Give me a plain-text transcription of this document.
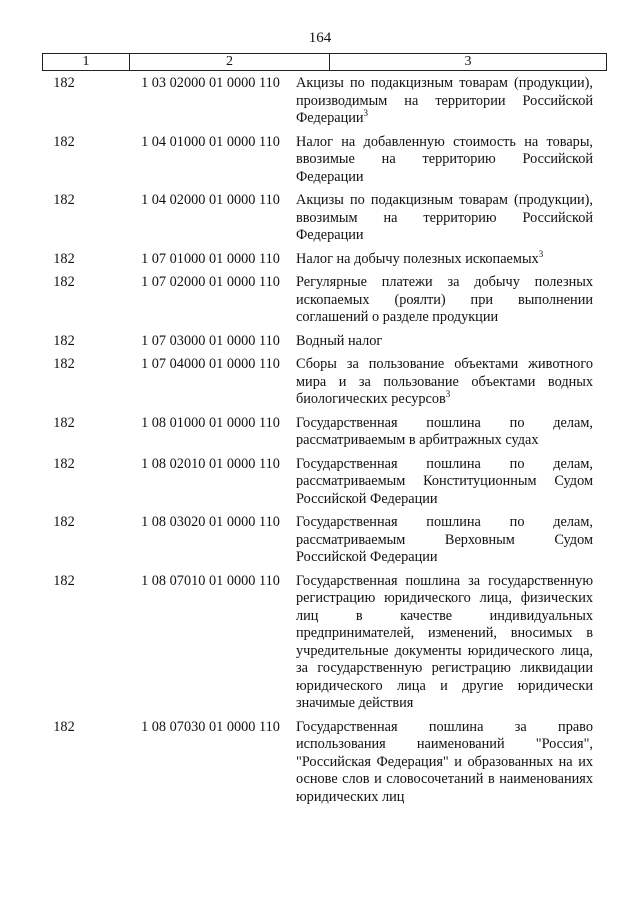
164
1	2	3
182	1 03 02000 01 0000 110	Акцизы по подакцизным товарам (продукции), производимым на территории Российской Федерации$^3$
182	1 04 01000 01 0000 110	Налог на добавленную стоимость на товары, ввозимые на территорию Российской Федерации
182	1 04 02000 01 0000 110	Акцизы по подакцизным товарам (продукции), ввозимым на территорию Российской Федерации
182	1 07 01000 01 0000 110	Налог на добычу полезных ископаемых$^3$
182	1 07 02000 01 0000 110	Регулярные платежи за добычу полезных ископаемых (роялти) при выполнении соглашений о разделе продукции
182	1 07 03000 01 0000 110	Водный налог
182	1 07 04000 01 0000 110	Сборы за пользование объектами животного мира и за пользование объектами водных биологических ресурсов$^3$
182	1 08 01000 01 0000 110	Государственная пошлина по делам, рассматриваемым в арбитражных судах
182	1 08 02010 01 0000 110	Государственная пошлина по делам, рассматриваемым Конституционным Судом Российской Федерации
182	1 08 03020 01 0000 110	Государственная пошлина по делам, рассматриваемым Верховным Судом Российской Федерации
182	1 08 07010 01 0000 110	Государственная пошлина за государственную регистрацию юридического лица, физических лиц в качестве индивидуальных предпринимателей, изменений, вносимых в учредительные документы юридического лица, за государственную регистрацию ликвидации юридического лица и другие юридически значимые действия
182	1 08 07030 01 0000 110	Государственная пошлина за право использования наименований "Россия", "Российская Федерация" и образованных на их основе слов и словосочетаний в наименованиях юридических лиц
